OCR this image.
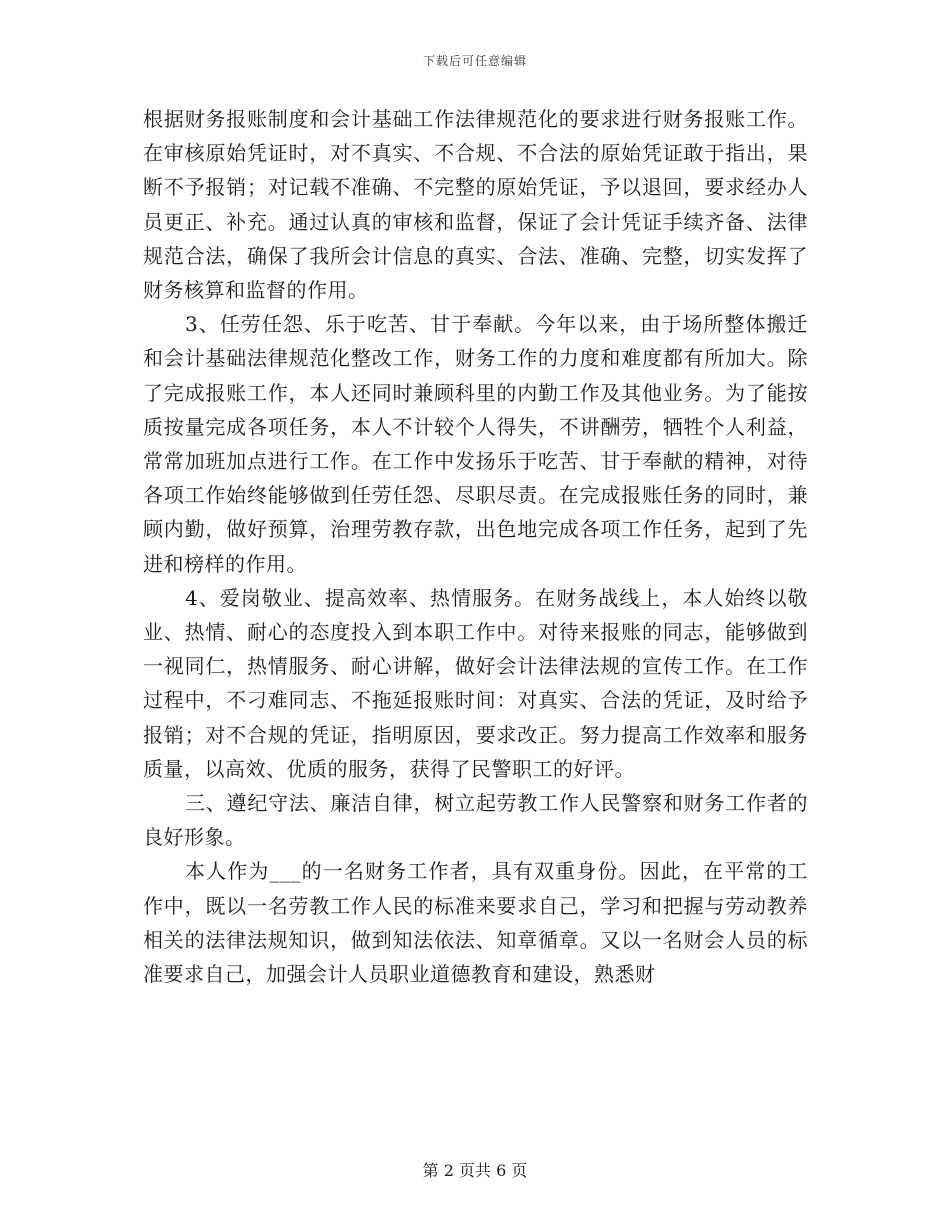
下载后可任意编辑

根据财务报账制度和会计基础工作法律规范化的要求进行财务报账工作。在审核原始凭证时，对不真实、不合规、不合法的原始凭证敢于指出，果断不予报销；对记载不准确、不完整的原始凭证，予以退回，要求经办人员更正、补充。通过认真的审核和监督，保证了会计凭证手续齐备、法律规范合法，确保了我所会计信息的真实、合法、准确、完整，切实发挥了财务核算和监督的作用。

3、任劳任怨、乐于吃苦、甘于奉献。今年以来，由于场所整体搬迁和会计基础法律规范化整改工作，财务工作的力度和难度都有所加大。除了完成报账工作，本人还同时兼顾科里的内勤工作及其他业务。为了能按质按量完成各项任务，本人不计较个人得失，不讲酬劳，牺牲个人利益，常常加班加点进行工作。在工作中发扬乐于吃苦、甘于奉献的精神，对待各项工作始终能够做到任劳任怨、尽职尽责。在完成报账任务的同时，兼顾内勤，做好预算，治理劳教存款，出色地完成各项工作任务，起到了先进和榜样的作用。

4、爱岗敬业、提高效率、热情服务。在财务战线上，本人始终以敬业、热情、耐心的态度投入到本职工作中。对待来报账的同志，能够做到一视同仁，热情服务、耐心讲解，做好会计法律法规的宣传工作。在工作过程中，不刁难同志、不拖延报账时间：对真实、合法的凭证，及时给予报销；对不合规的凭证，指明原因，要求改正。努力提高工作效率和服务质量，以高效、优质的服务，获得了民警职工的好评。

三、遵纪守法、廉洁自律，树立起劳教工作人民警察和财务工作者的良好形象。

本人作为___的一名财务工作者，具有双重身份。因此，在平常的工作中，既以一名劳教工作人民的标准来要求自己，学习和把握与劳动教养相关的法律法规知识，做到知法依法、知章循章。又以一名财会人员的标准要求自己，加强会计人员职业道德教育和建设，熟悉财

第 2 页共 6 页
